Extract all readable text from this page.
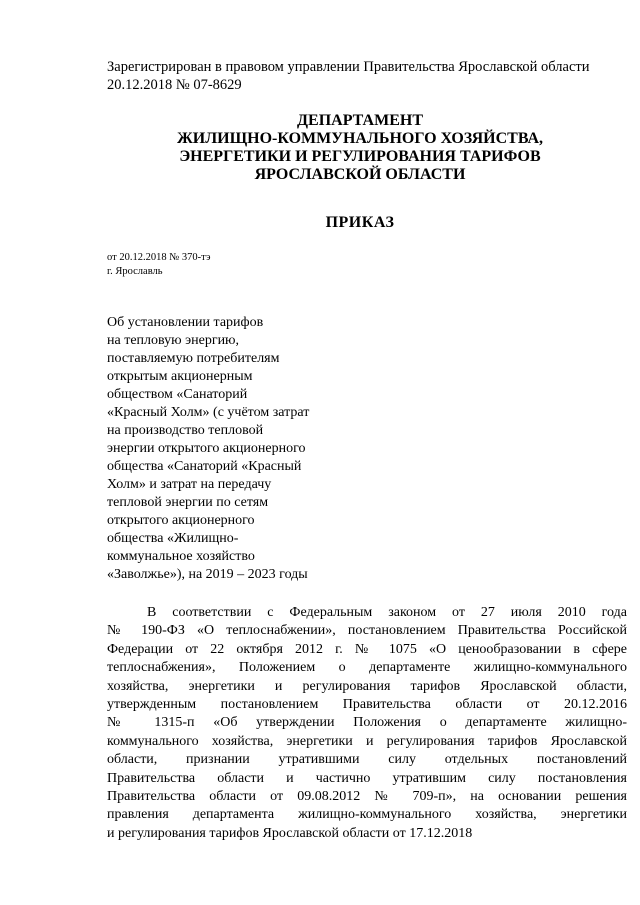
Зарегистрирован в правовом управлении Правительства Ярославской области
20.12.2018 № 07-8629
ДЕПАРТАМЕНТ
ЖИЛИЩНО-КОММУНАЛЬНОГО ХОЗЯЙСТВА,
ЭНЕРГЕТИКИ И РЕГУЛИРОВАНИЯ ТАРИФОВ
ЯРОСЛАВСКОЙ ОБЛАСТИ
ПРИКАЗ
от 20.12.2018 № 370-тэ
г. Ярославль
Об установлении тарифов
на тепловую энергию,
поставляемую потребителям
открытым акционерным
обществом «Санаторий
«Красный Холм» (с учётом затрат
на производство тепловой
энергии открытого акционерного
общества «Санаторий «Красный
Холм» и затрат на передачу
тепловой энергии по сетям
открытого акционерного
общества «Жилищно-
коммунальное хозяйство
«Заволжье»), на 2019 – 2023 годы
В соответствии с Федеральным законом от 27 июля 2010 года
№ 190-ФЗ «О теплоснабжении», постановлением Правительства Российской
Федерации от 22 октября 2012 г. № 1075 «О ценообразовании в сфере
теплоснабжения», Положением о департаменте жилищно-коммунального
хозяйства, энергетики и регулирования тарифов Ярославской области,
утвержденным постановлением Правительства области от 20.12.2016
№ 1315-п «Об утверждении Положения о департаменте жилищно-
коммунального хозяйства, энергетики и регулирования тарифов Ярославской
области, признании утратившими силу отдельных постановлений
Правительства области и частично утратившим силу постановления
Правительства области от 09.08.2012 № 709-п», на основании решения
правления департамента жилищно-коммунального хозяйства, энергетики
и регулирования тарифов Ярославской области от 17.12.2018
